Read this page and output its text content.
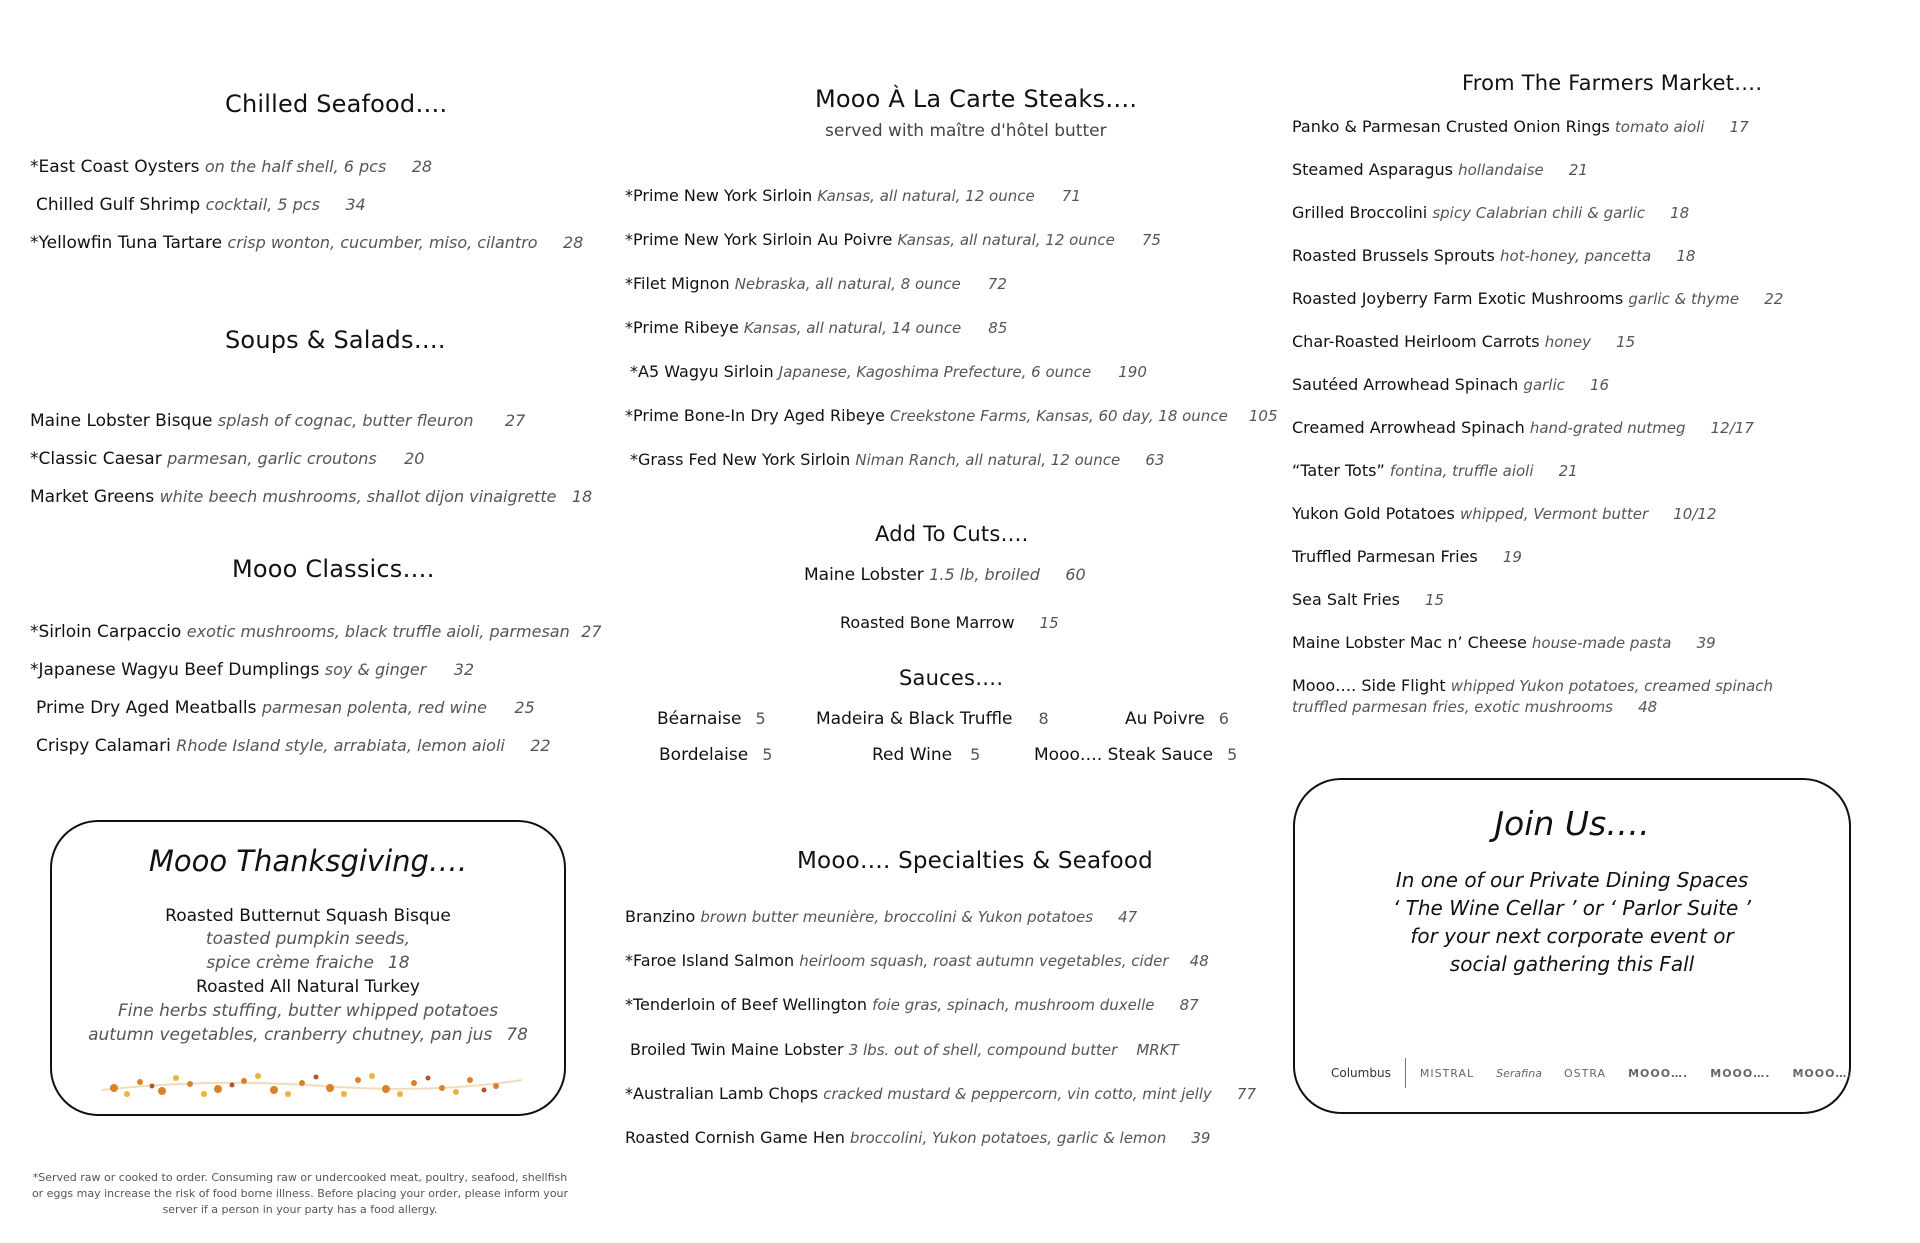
Chilled Seafood….
*East Coast Oysters on the half shell, 6 pcs 28
Chilled Gulf Shrimp cocktail, 5 pcs 34
*Yellowfin Tuna Tartare crisp wonton, cucumber, miso, cilantro 28
Soups & Salads….
Maine Lobster Bisque splash of cognac, butter fleuron 27
*Classic Caesar parmesan, garlic croutons 20
Market Greens white beech mushrooms, shallot dijon vinaigrette 18
Mooo Classics….
*Sirloin Carpaccio exotic mushrooms, black truffle aioli, parmesan 27
*Japanese Wagyu Beef Dumplings soy & ginger 32
Prime Dry Aged Meatballs parmesan polenta, red wine 25
Crispy Calamari Rhode Island style, arrabiata, lemon aioli 22
Mooo Thanksgiving….
Roasted Butternut Squash Bisque
toasted pumpkin seeds,
spice crème fraiche 18
Roasted All Natural Turkey
Fine herbs stuffing, butter whipped potatoes
autumn vegetables, cranberry chutney, pan jus 78
*Served raw or cooked to order. Consuming raw or undercooked meat, poultry, seafood, shellfish or eggs may increase the risk of food borne illness. Before placing your order, please inform your server if a person in your party has a food allergy.
Mooo À La Carte Steaks….
served with maître d'hôtel butter
*Prime New York Sirloin Kansas, all natural, 12 ounce 71
*Prime New York Sirloin Au Poivre Kansas, all natural, 12 ounce 75
*Filet Mignon Nebraska, all natural, 8 ounce 72
*Prime Ribeye Kansas, all natural, 14 ounce 85
*A5 Wagyu Sirloin Japanese, Kagoshima Prefecture, 6 ounce 190
*Prime Bone-In Dry Aged Ribeye Creekstone Farms, Kansas, 60 day, 18 ounce 105
*Grass Fed New York Sirloin Niman Ranch, all natural, 12 ounce 63
Add To Cuts….
Maine Lobster 1.5 lb, broiled 60
Roasted Bone Marrow 15
Sauces….
Béarnaise 5	Madeira & Black Truffle 8	Au Poivre 6
Bordelaise 5	Red Wine 5	Mooo…. Steak Sauce 5
Mooo…. Specialties & Seafood
Branzino brown butter meunière, broccolini & Yukon potatoes 47
*Faroe Island Salmon heirloom squash, roast autumn vegetables, cider 48
*Tenderloin of Beef Wellington foie gras, spinach, mushroom duxelle 87
Broiled Twin Maine Lobster 3 lbs. out of shell, compound butter MRKT
*Australian Lamb Chops cracked mustard & peppercorn, vin cotto, mint jelly 77
Roasted Cornish Game Hen broccolini, Yukon potatoes, garlic & lemon 39
From The Farmers Market….
Panko & Parmesan Crusted Onion Rings tomato aioli 17
Steamed Asparagus hollandaise 21
Grilled Broccolini spicy Calabrian chili & garlic 18
Roasted Brussels Sprouts hot-honey, pancetta 18
Roasted Joyberry Farm Exotic Mushrooms garlic & thyme 22
Char-Roasted Heirloom Carrots honey 15
Sautéed Arrowhead Spinach garlic 16
Creamed Arrowhead Spinach hand-grated nutmeg 12/17
“Tater Tots” fontina, truffle aioli 21
Yukon Gold Potatoes whipped, Vermont butter 10/12
Truffled Parmesan Fries 19
Sea Salt Fries 15
Maine Lobster Mac n’ Cheese house-made pasta 39
Mooo…. Side Flight whipped Yukon potatoes, creamed spinach
truffled parmesan fries, exotic mushrooms 48
Join Us….
In one of our Private Dining Spaces
‘ The Wine Cellar ’ or ‘ Parlor Suite ’
for your next corporate event or
social gathering this Fall
Columbus	MISTRAL Serafina OSTRA MOOO…. MOOO…. MOOO….
